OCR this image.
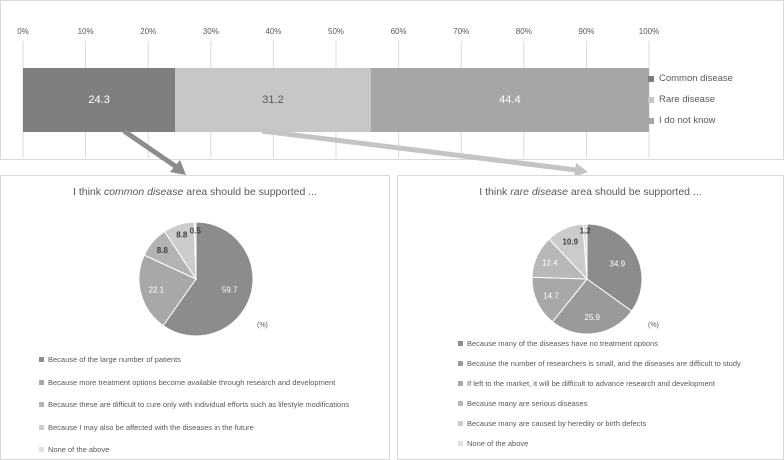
0%	10%	20%	30%	40%	50%	60%	70%	80%	90%	100%
24.3	31.2	44.4
Common disease
Rare disease
I do not know
I think common disease area should be supported ...
59.7
22.1
8.8
8.8 0.5
(%)
Because of the large number of patients
Because more treatment options become available through research and development
Because these are difficult to cure only with individual efforts such as lifestyle modifications
Because I may also be affected with the diseases in the future
None of the above
I think rare disease area should be supported ...
34.9
25.9
14.7
12.4
10.9
1.2
(%)
Because many of the diseases have no treatment options
Because the number of researchers is small, and the diseases are difficult to study
If left to the market, it will be difficult to advance research and development
Because many are serious diseases
Because many are caused by heredity or birth defects
None of the above
